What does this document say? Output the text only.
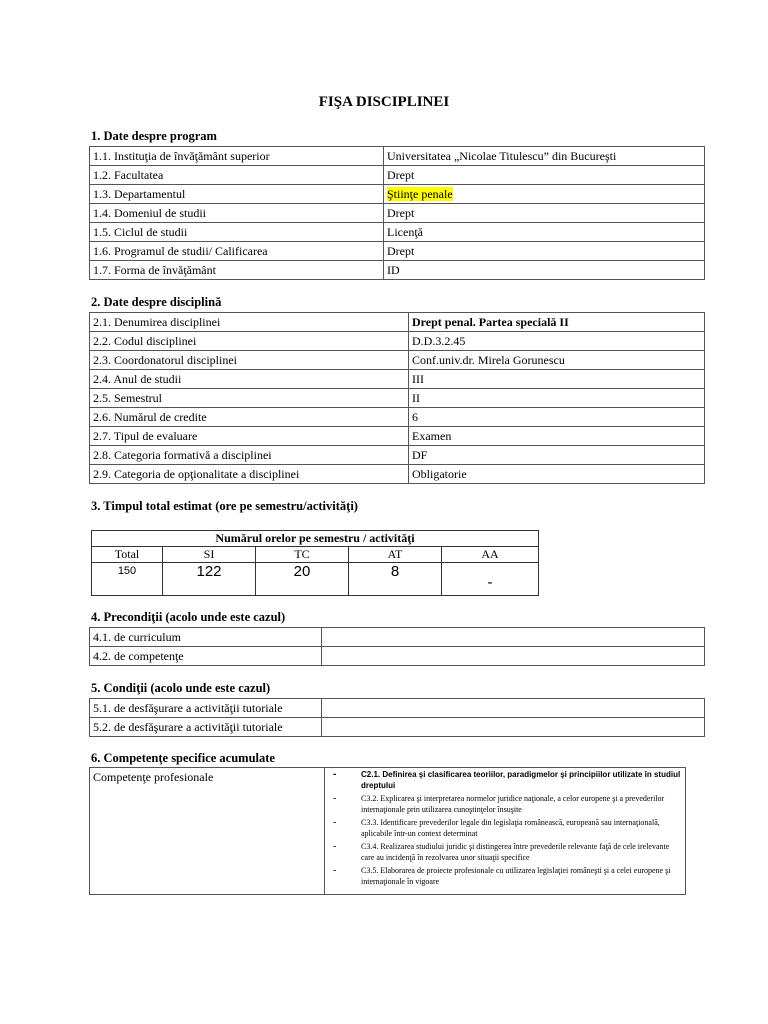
FIŞA DISCIPLINEI
1. Date despre program
1.1. Instituţia de învăţământ superior	Universitatea „Nicolae Titulescu” din Bucureşti
1.2. Facultatea	Drept
1.3. Departamentul	Ştiinţe penale
1.4. Domeniul de studii	Drept
1.5. Ciclul de studii	Licenţă
1.6. Programul de studii/ Calificarea	Drept
1.7. Forma de învăţământ	ID
2. Date despre disciplină
2.1. Denumirea disciplinei	Drept penal. Partea specială II
2.2. Codul disciplinei	D.D.3.2.45
2.3. Coordonatorul disciplinei	Conf.univ.dr. Mirela Gorunescu
2.4. Anul de studii	III
2.5. Semestrul	II
2.6. Numărul de credite	6
2.7. Tipul de evaluare	Examen
2.8. Categoria formativă a disciplinei	DF
2.9. Categoria de opţionalitate a disciplinei	Obligatorie
3. Timpul total estimat (ore pe semestru/activităţi)
Numărul orelor pe semestru / activităţi				
Total	SI	TC	AT	AA
150	122	20	8	-
4. Precondiţii (acolo unde este cazul)
4.1. de curriculum	
4.2. de competenţe	
5. Condiţii (acolo unde este cazul)
5.1. de desfăşurare a activităţii tutoriale	
5.2. de desfăşurare a activităţii tutoriale	
6. Competenţe specifice acumulate
Competenţe profesionale	-	C2.1. Definirea şi clasificarea teoriilor, paradigmelor şi principiilor utilizate în studiul dreptului
-	C3.2. Explicarea şi interpretarea normelor juridice naţionale, a celor europene şi a prevederilor internaţionale prin utilizarea cunoştinţelor însuşite
-	C3.3. Identificare prevederilor legale din legislaţia românească, europeană sau internaţională, aplicabile într-un context determinat
-	C3.4. Realizarea studiului juridic şi distingerea între prevederile relevante faţă de cele irelevante care au incidenţă în rezolvarea unor situaţii specifice
-	C3.5. Elaborarea de proiecte profesionale cu utilizarea legislaţiei româneşti şi a celei europene şi internaţionale în vigoare
